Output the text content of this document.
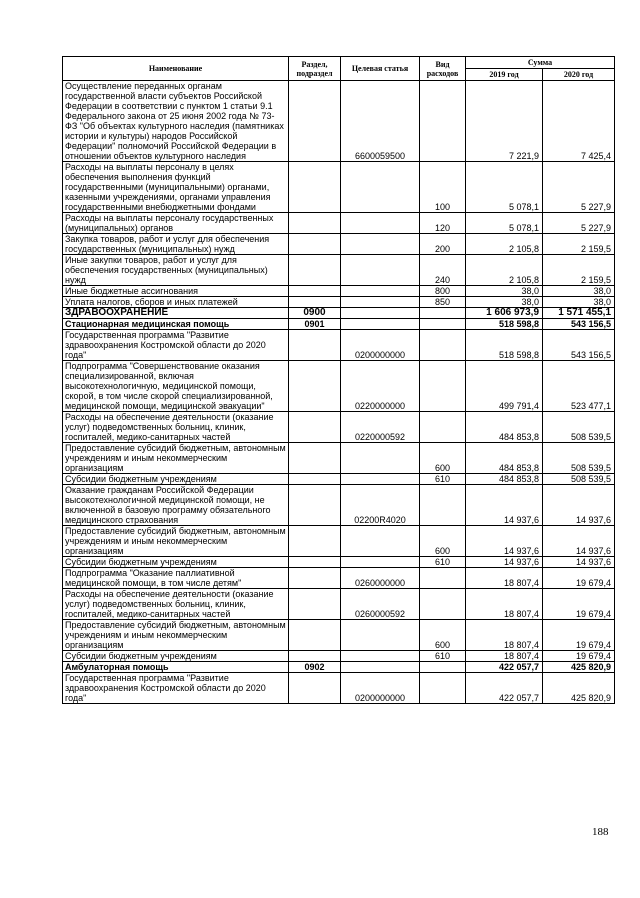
Наименование	Раздел, подраздел	Целевая статья	Вид расходов	Сумма	
				2019 год	2020 год
Осуществление переданных органам государственной власти субъектов Российской Федерации в соответствии с пунктом 1 статьи 9.1 Федерального закона от 25 июня 2002 года № 73-ФЗ "Об объектах культурного наследия (памятниках истории и культуры) народов Российской Федерации" полномочий Российской Федерации в отношении объектов культурного наследия		6600059500		7 221,9	7 425,4
Расходы на выплаты персоналу в целях обеспечения выполнения функций государственными (муниципальными) органами, казенными учреждениями, органами управления государственными внебюджетными фондами			100	5 078,1	5 227,9
Расходы на выплаты персоналу государственных (муниципальных) органов			120	5 078,1	5 227,9
Закупка товаров, работ и услуг для обеспечения государственных (муниципальных) нужд			200	2 105,8	2 159,5
Иные закупки товаров, работ и услуг для обеспечения государственных (муниципальных) нужд			240	2 105,8	2 159,5
Иные бюджетные ассигнования			800	38,0	38,0
Уплата налогов, сборов и иных платежей			850	38,0	38,0
ЗДРАВООХРАНЕНИЕ	0900			1 606 973,9	1 571 455,1
Стационарная медицинская помощь	0901			518 598,8	543 156,5
Государственная программа "Развитие здравоохранения Костромской области до 2020 года"		0200000000		518 598,8	543 156,5
Подпрограмма "Совершенствование оказания специализированной, включая высокотехнологичную, медицинской помощи, скорой, в том числе скорой специализированной, медицинской помощи, медицинской эвакуации"		0220000000		499 791,4	523 477,1
Расходы на обеспечение деятельности (оказание услуг) подведомственных больниц, клиник, госпиталей, медико-санитарных частей		0220000592		484 853,8	508 539,5
Предоставление субсидий бюджетным, автономным учреждениям и иным некоммерческим организациям			600	484 853,8	508 539,5
Субсидии бюджетным учреждениям			610	484 853,8	508 539,5
Оказание гражданам Российской Федерации высокотехнологичной медицинской помощи, не включенной в базовую программу обязательного медицинского страхования		02200R4020		14 937,6	14 937,6
Предоставление субсидий бюджетным, автономным учреждениям и иным некоммерческим организациям			600	14 937,6	14 937,6
Субсидии бюджетным учреждениям			610	14 937,6	14 937,6
Подпрограмма "Оказание паллиативной медицинской помощи, в том числе детям"		0260000000		18 807,4	19 679,4
Расходы на обеспечение деятельности (оказание услуг) подведомственных больниц, клиник, госпиталей, медико-санитарных частей		0260000592		18 807,4	19 679,4
Предоставление субсидий бюджетным, автономным учреждениям и иным некоммерческим организациям			600	18 807,4	19 679,4
Субсидии бюджетным учреждениям			610	18 807,4	19 679,4
Амбулаторная помощь	0902			422 057,7	425 820,9
Государственная программа "Развитие здравоохранения Костромской области до 2020 года"		0200000000		422 057,7	425 820,9
188
